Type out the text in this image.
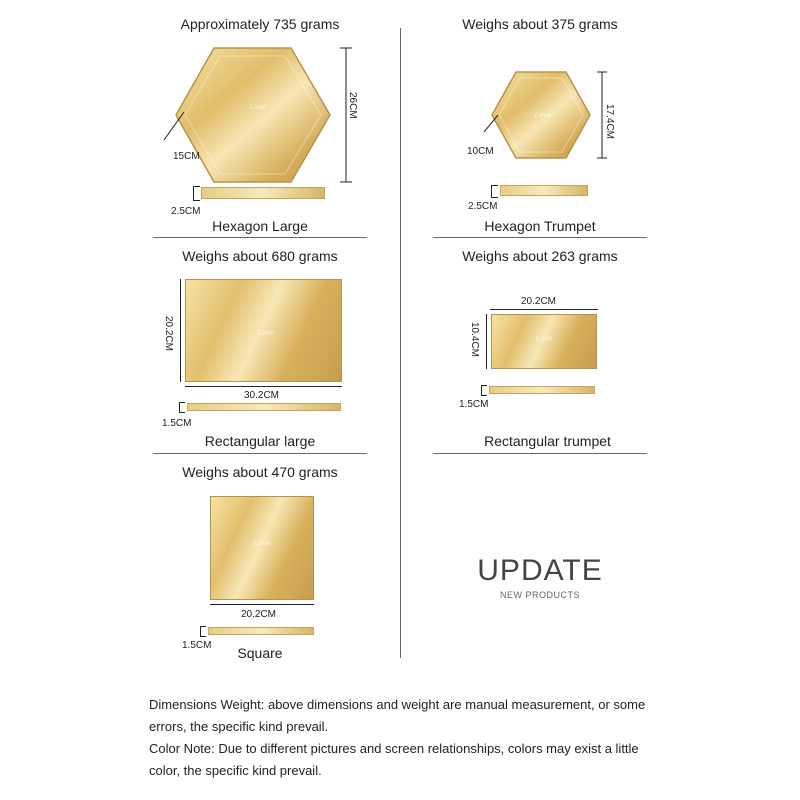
Approximately 735 grams
Love	26CM
15CM
2.5CM
Hexagon Large
Weighs about 375 grams
Love	17.4CM
10CM
2.5CM
Hexagon Trumpet
Weighs about 680 grams
Love
20.2CM
30.2CM
1.5CM
Rectangular large
Weighs about 263 grams
20.2CM
Love
10.4CM
1.5CM
Rectangular trumpet
Weighs about 470 grams
Love
20.2CM
1.5CM	Square
UPDATE
NEW PRODUCTS
Dimensions Weight: above dimensions and weight are manual measurement, or some
errors, the specific kind prevail.
Color Note: Due to different pictures and screen relationships, colors may exist a little
color, the specific kind prevail.
